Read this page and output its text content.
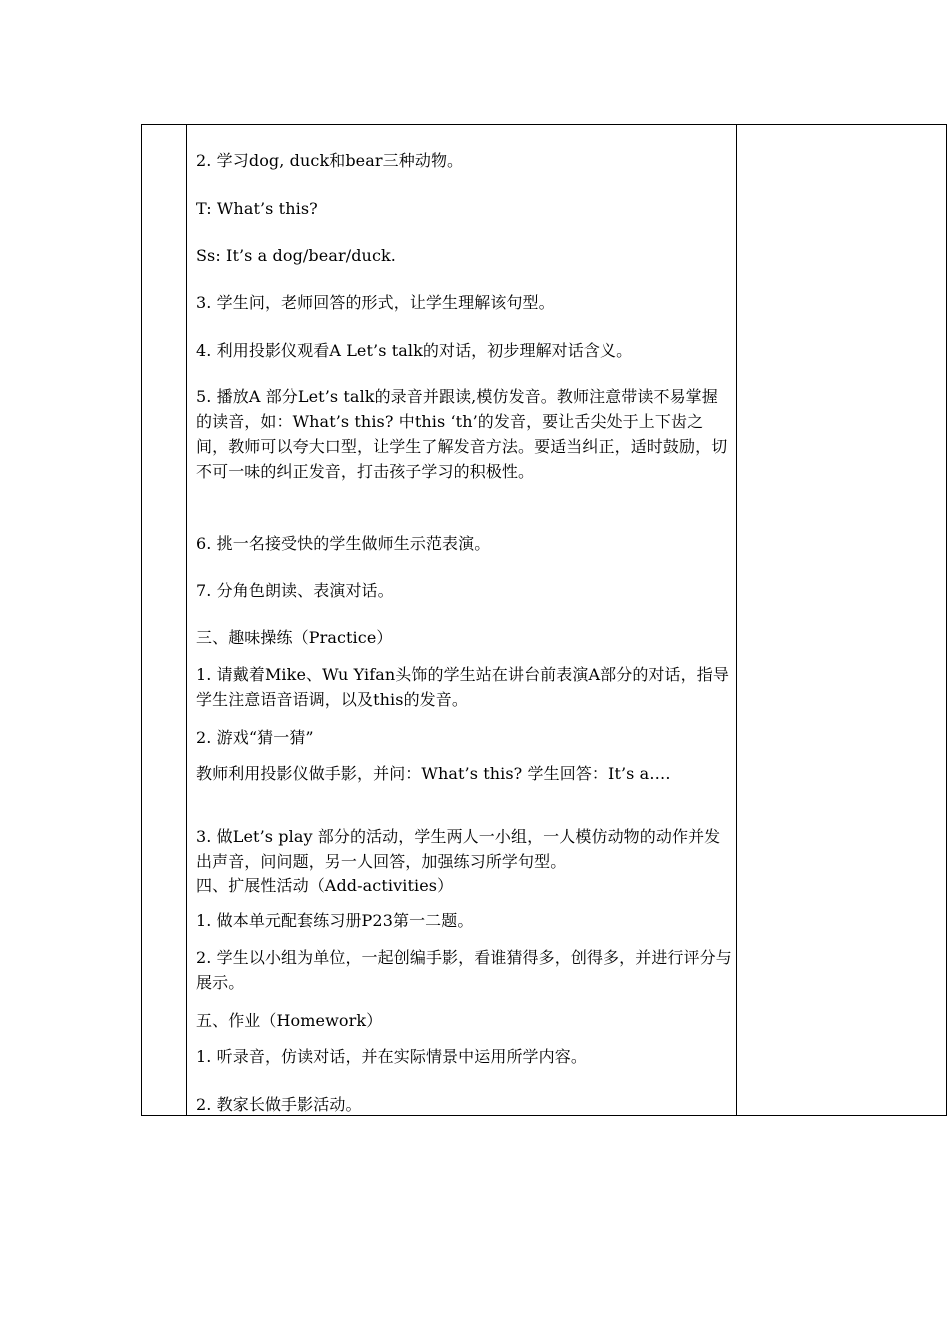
2. 学习dog, duck和bear三种动物。
T: What’s this?
Ss: It’s a dog/bear/duck.
3. 学生问，老师回答的形式，让学生理解该句型。
4. 利用投影仪观看A Let’s talk的对话，初步理解对话含义。
5. 播放A 部分Let’s talk的录音并跟读,模仿发音。教师注意带读不易掌握的读音，如：What’s this? 中this ‘th’的发音，要让舌尖处于上下齿之间，教师可以夸大口型，让学生了解发音方法。要适当纠正，适时鼓励，切不可一味的纠正发音，打击孩子学习的积极性。
6. 挑一名接受快的学生做师生示范表演。
7. 分角色朗读、表演对话。
三、趣味操练（Practice）
1. 请戴着Mike、Wu Yifan头饰的学生站在讲台前表演A部分的对话，指导学生注意语音语调，以及this的发音。
2. 游戏“猜一猜”
教师利用投影仪做手影，并问：What’s this? 学生回答：It’s a….
3. 做Let’s play 部分的活动，学生两人一小组，一人模仿动物的动作并发出声音，问问题，另一人回答，加强练习所学句型。
四、扩展性活动（Add-activities）
1. 做本单元配套练习册P23第一二题。
2. 学生以小组为单位，一起创编手影，看谁猜得多，创得多，并进行评分与展示。
五、作业（Homework）
1. 听录音，仿读对话，并在实际情景中运用所学内容。
2. 教家长做手影活动。
